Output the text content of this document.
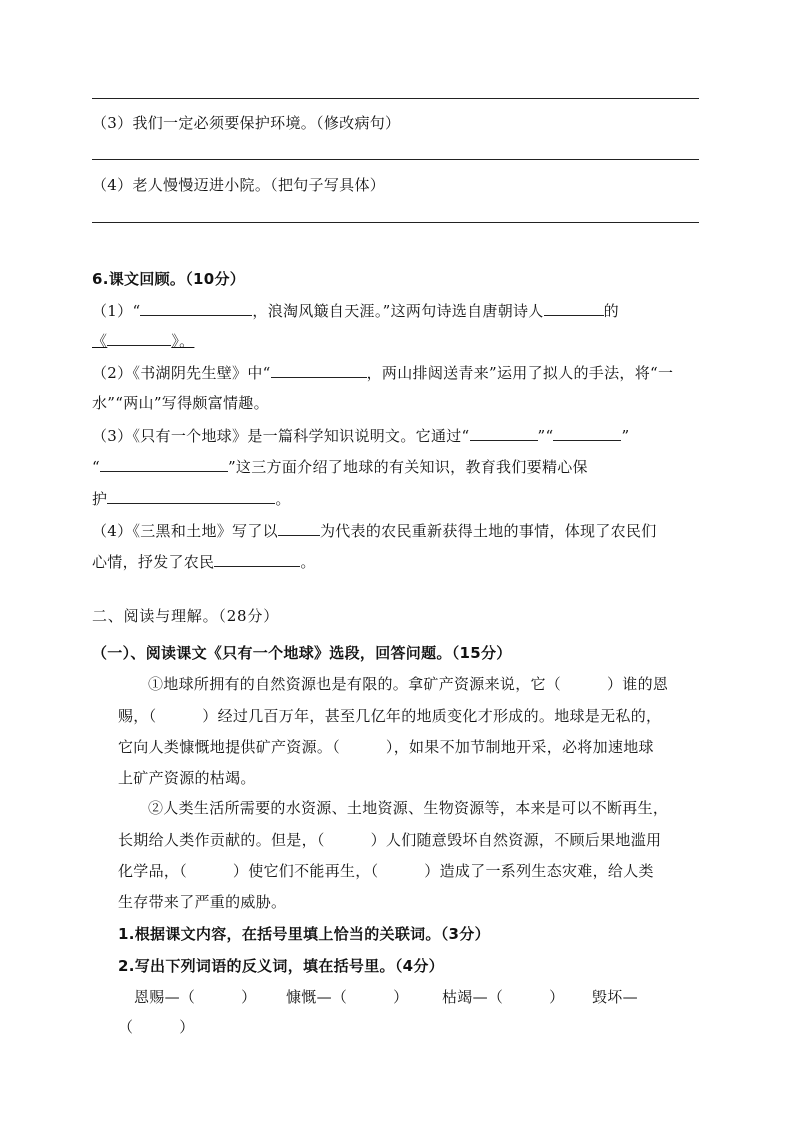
（3）我们一定必须要保护环境。（修改病句）
（4）老人慢慢迈进小院。（把句子写具体）
6.课文回顾。（10分）
（1）“	，浪淘风簸自天涯。”这两句诗选自唐朝诗人	的
《	》。
（2）《书湖阴先生壁》中“	，两山排闼送青来”运用了拟人的手法，将“一
水”“两山”写得颇富情趣。
（3）《只有一个地球》是一篇科学知识说明文。它通过“	”“	”
“	”这三方面介绍了地球的有关知识，教育我们要精心保
护	。
（4）《三黑和土地》写了以	为代表的农民重新获得土地的事情，体现了农民们
心情，抒发了农民	。
二、阅读与理解。（28分）
（一）、阅读课文《只有一个地球》选段，回答问题。（15分）
①地球所拥有的自然资源也是有限的。拿矿产资源来说，它（　　　）谁的恩
赐，（　　　）经过几百万年，甚至几亿年的地质变化才形成的。地球是无私的，
它向人类慷慨地提供矿产资源。（　　　），如果不加节制地开采，必将加速地球
上矿产资源的枯竭。
②人类生活所需要的水资源、土地资源、生物资源等，本来是可以不断再生，
长期给人类作贡献的。但是，（　　　）人们随意毁坏自然资源，不顾后果地滥用
化学品，（　　　）使它们不能再生，（　　　）造成了一系列生态灾难，给人类
生存带来了严重的威胁。
1.根据课文内容，在括号里填上恰当的关联词。（3分）
2.写出下列词语的反义词，填在括号里。（4分）
恩赐—（　　　） 慷慨—（　　　） 枯竭—（　　　） 毁坏—
（　　　）
